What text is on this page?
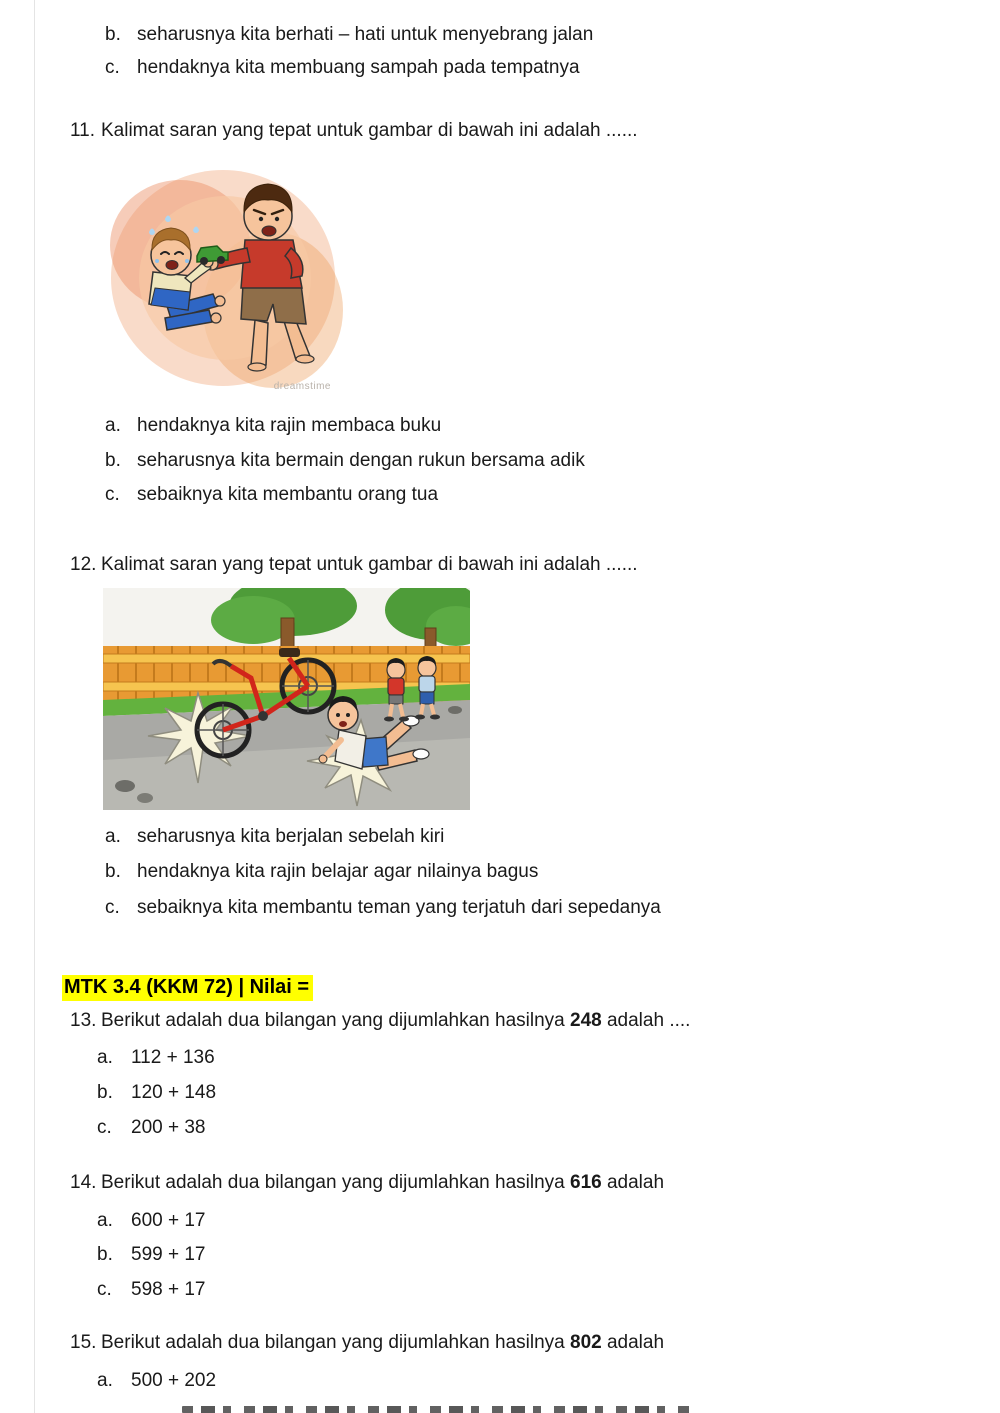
b. seharusnya kita berhati – hati untuk menyebrang jalan
c. hendaknya kita membuang sampah pada tempatnya
11. Kalimat saran yang tepat untuk gambar di bawah ini adalah ......
dreamstime
a. hendaknya kita rajin membaca buku
b. seharusnya kita bermain dengan rukun bersama adik
c. sebaiknya kita membantu orang tua
12. Kalimat saran yang tepat untuk gambar di bawah ini adalah ......
a. seharusnya kita berjalan sebelah kiri
b. hendaknya kita rajin belajar agar nilainya bagus
c. sebaiknya kita membantu teman yang terjatuh dari sepedanya
MTK 3.4 (KKM 72) | Nilai =
13. Berikut adalah dua bilangan yang dijumlahkan hasilnya 248 adalah ....
a. 112 + 136
b. 120 + 148
c.	200 + 38
14. Berikut adalah dua bilangan yang dijumlahkan hasilnya 616 adalah
a. 600 + 17
b. 599 + 17
c.	598 + 17
15. Berikut adalah dua bilangan yang dijumlahkan hasilnya 802 adalah
a. 500 + 202
